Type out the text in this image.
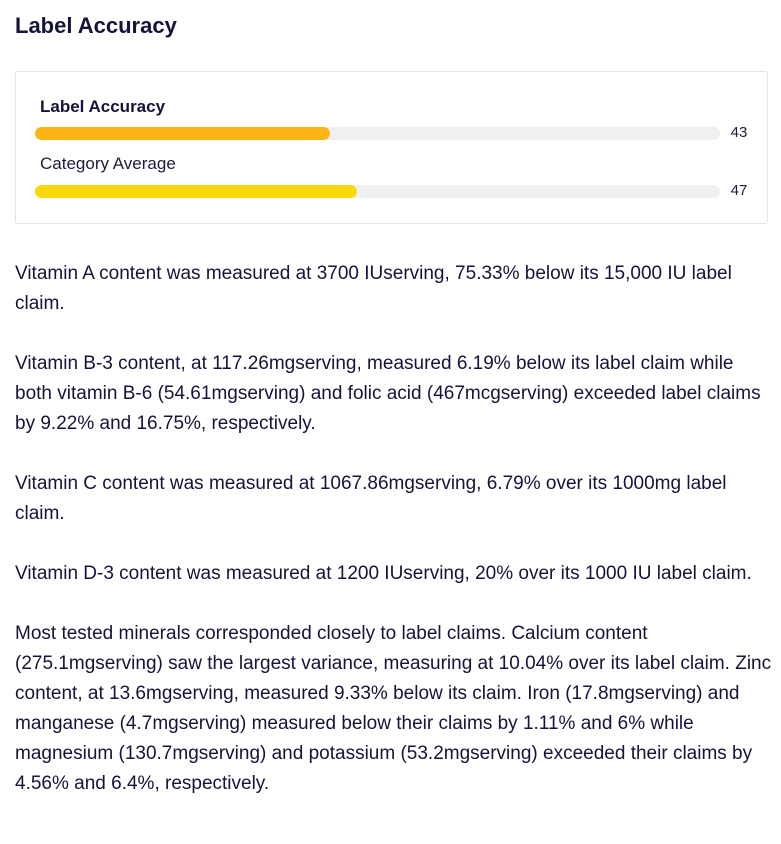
Label Accuracy
Label Accuracy
43
Category Average
47

Vitamin A content was measured at 3700 IUserving, 75.33% below its 15,000 IU label claim.

Vitamin B-3 content, at 117.26mgserving, measured 6.19% below its label claim while both vitamin B-6 (54.61mgserving) and folic acid (467mcgserving) exceeded label claims by 9.22% and 16.75%, respectively.

Vitamin C content was measured at 1067.86mgserving, 6.79% over its 1000mg label claim.

Vitamin D-3 content was measured at 1200 IUserving, 20% over its 1000 IU label claim.

Most tested minerals corresponded closely to label claims. Calcium content (275.1mgserving) saw the largest variance, measuring at 10.04% over its label claim. Zinc content, at 13.6mgserving, measured 9.33% below its claim. Iron (17.8mgserving) and manganese (4.7mgserving) measured below their claims by 1.11% and 6% while magnesium (130.7mgserving) and potassium (53.2mgserving) exceeded their claims by 4.56% and 6.4%, respectively.
